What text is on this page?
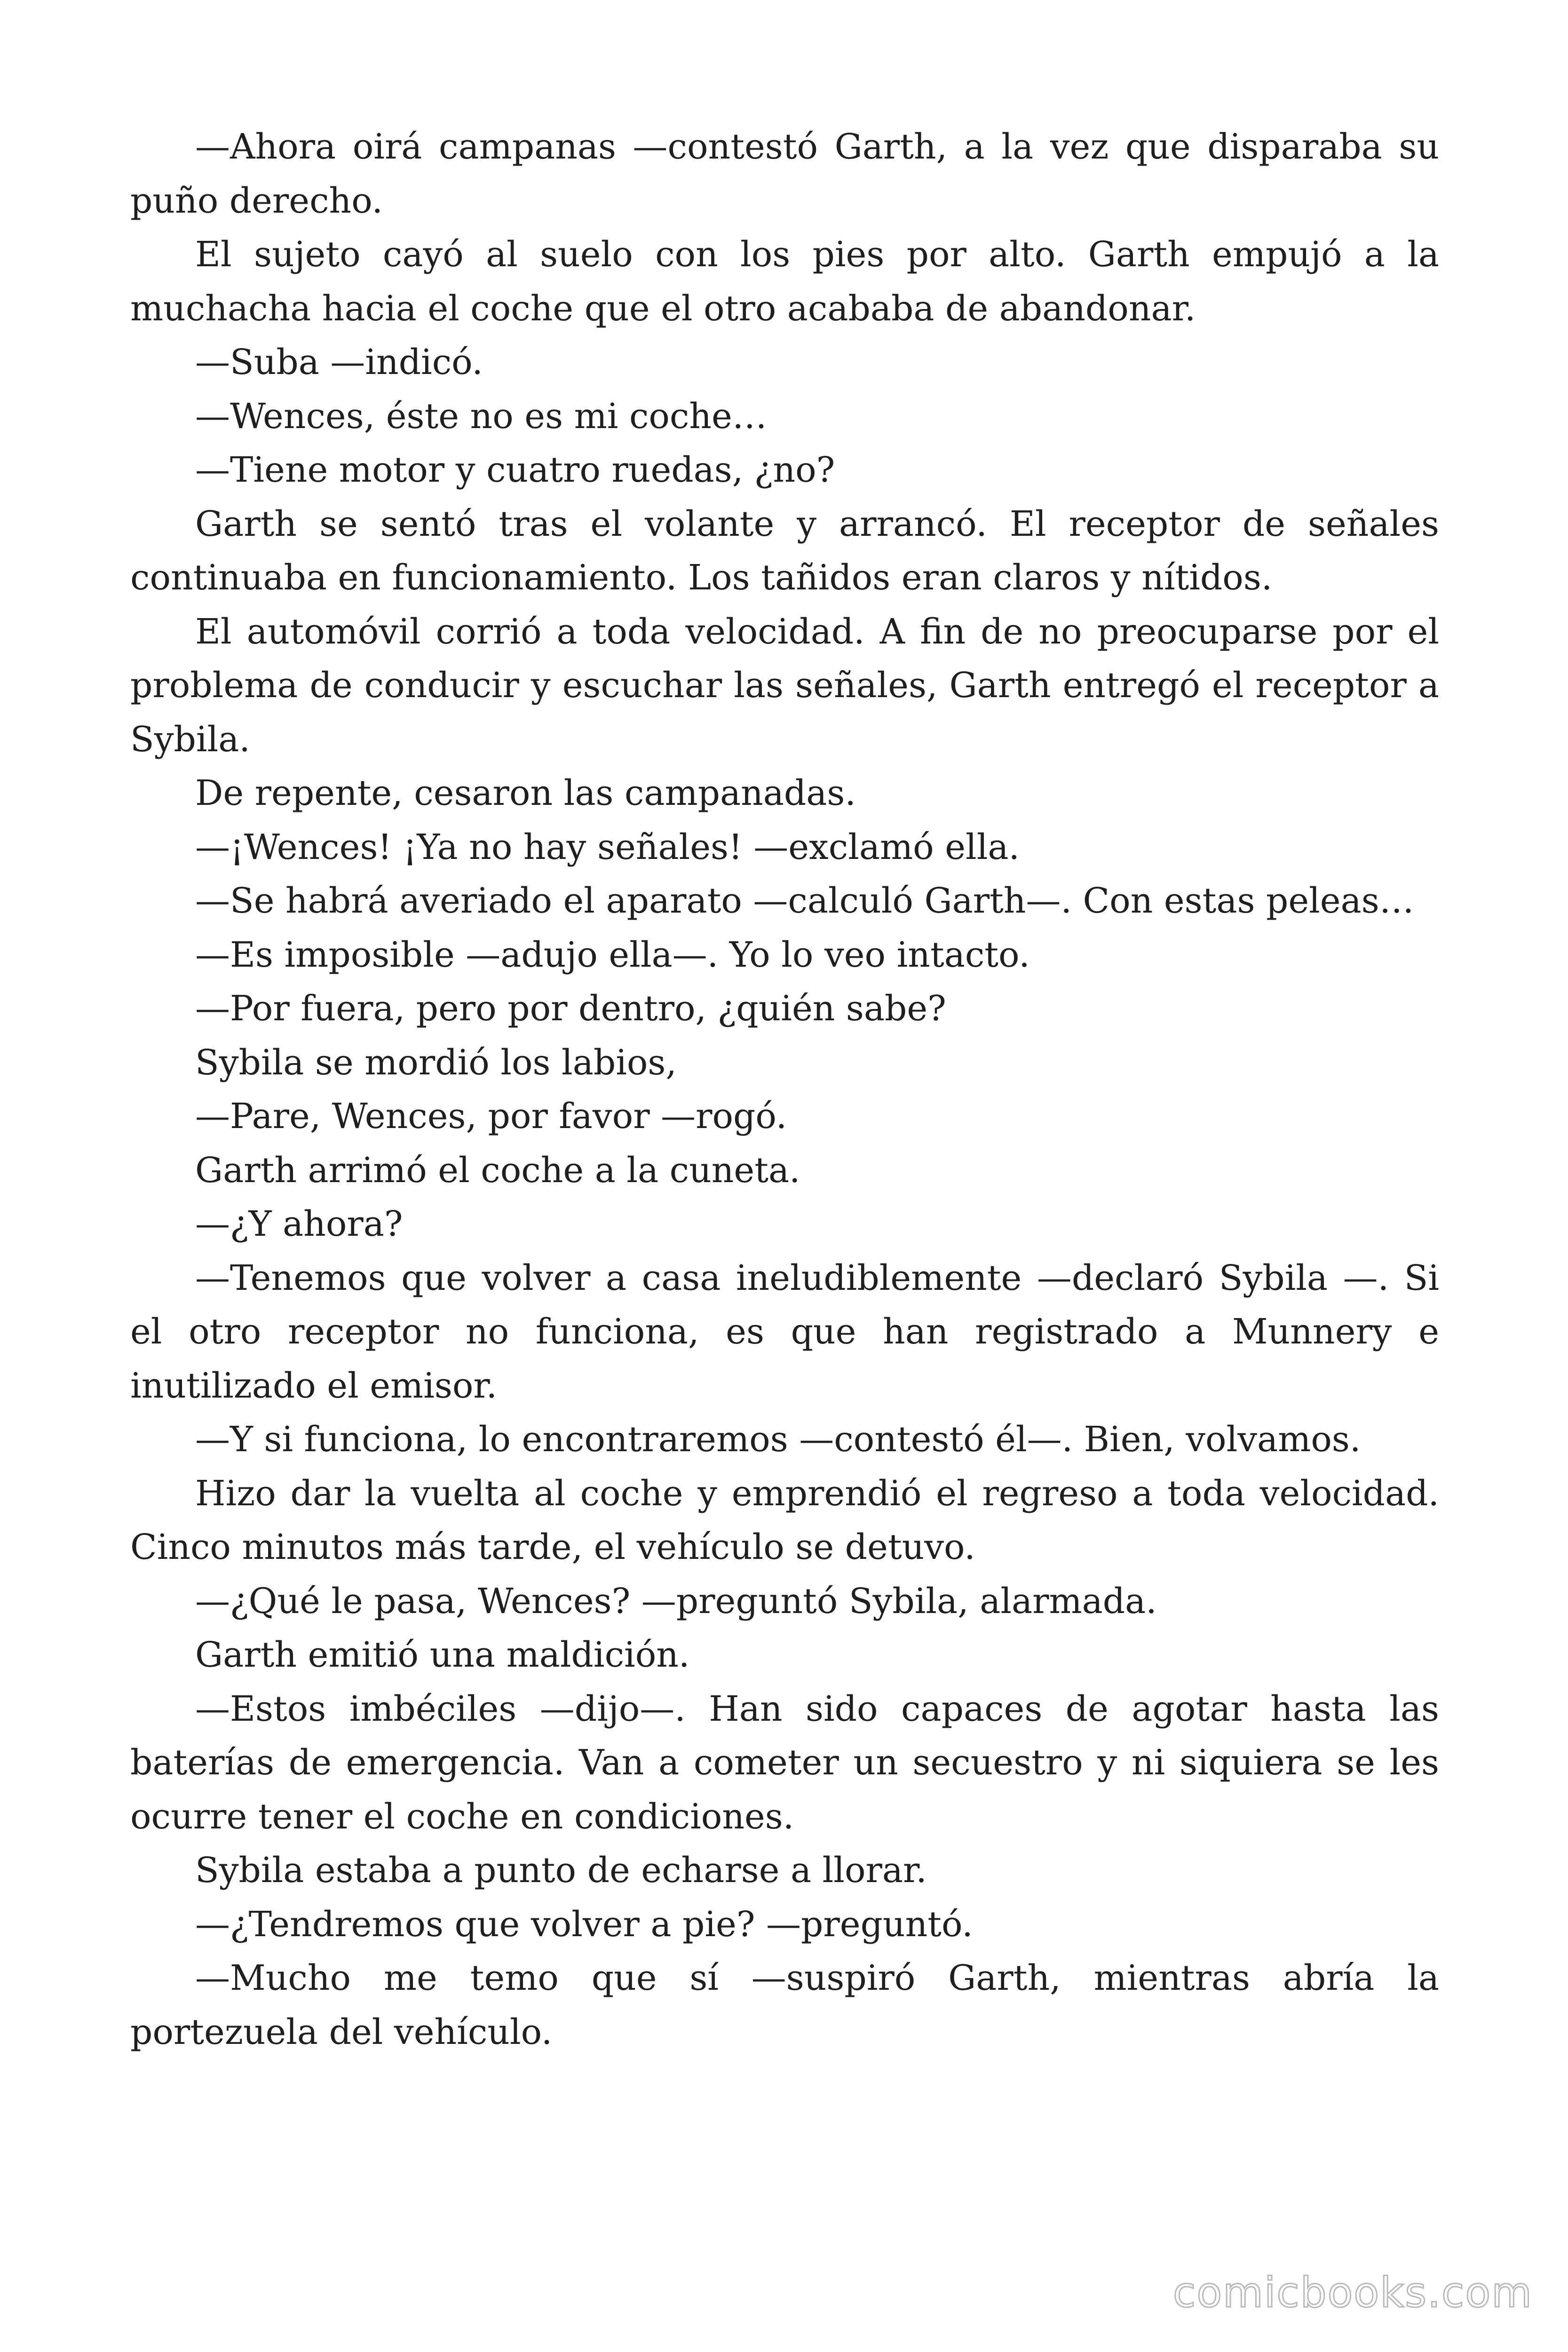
—Ahora oirá campanas —contestó Garth, a la vez que disparaba su puño derecho.

El sujeto cayó al suelo con los pies por alto. Garth empujó a la muchacha hacia el coche que el otro acababa de abandonar.

—Suba —indicó.

—Wences, éste no es mi coche…

—Tiene motor y cuatro ruedas, ¿no?

Garth se sentó tras el volante y arrancó. El receptor de señales continuaba en funcionamiento. Los tañidos eran claros y nítidos.

El automóvil corrió a toda velocidad. A fin de no preocuparse por el problema de conducir y escuchar las señales, Garth entregó el receptor a Sybila.

De repente, cesaron las campanadas.

—¡Wences! ¡Ya no hay señales! —exclamó ella.

—Se habrá averiado el aparato —calculó Garth—. Con estas peleas…

—Es imposible —adujo ella—. Yo lo veo intacto.

—Por fuera, pero por dentro, ¿quién sabe?

Sybila se mordió los labios,

—Pare, Wences, por favor —rogó.

Garth arrimó el coche a la cuneta.

—¿Y ahora?

—Tenemos que volver a casa ineludiblemente —declaró Sybila —. Si el otro receptor no funciona, es que han registrado a Munnery e inutilizado el emisor.

—Y si funciona, lo encontraremos —contestó él—. Bien, volvamos.

Hizo dar la vuelta al coche y emprendió el regreso a toda velocidad. Cinco minutos más tarde, el vehículo se detuvo.

—¿Qué le pasa, Wences? —preguntó Sybila, alarmada.

Garth emitió una maldición.

—Estos imbéciles —dijo—. Han sido capaces de agotar hasta las baterías de emergencia. Van a cometer un secuestro y ni siquiera se les ocurre tener el coche en condiciones.

Sybila estaba a punto de echarse a llorar.

—¿Tendremos que volver a pie? —preguntó.

—Mucho me temo que sí —suspiró Garth, mientras abría la portezuela del vehículo.

comicbooks.com
